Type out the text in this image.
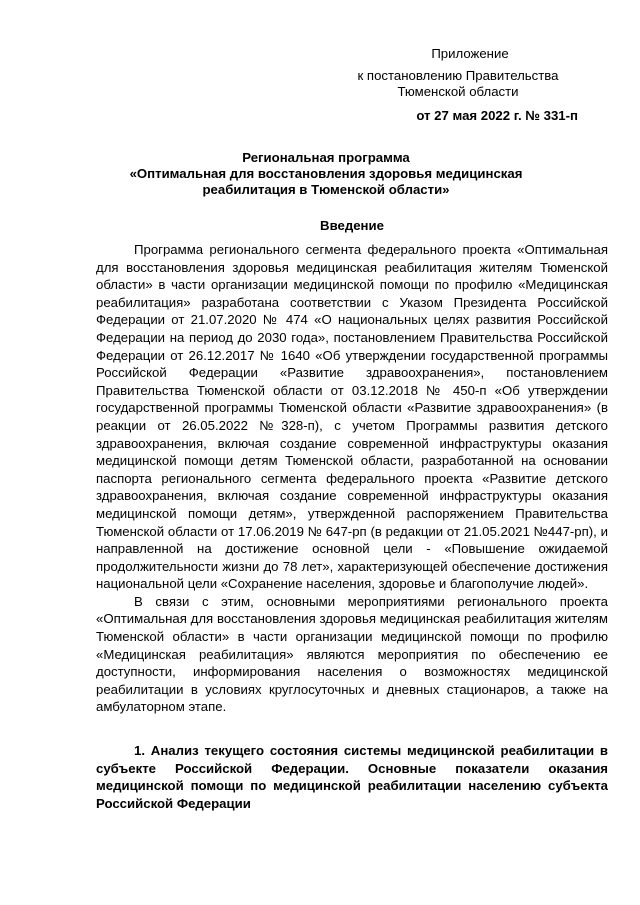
Приложение
к постановлению Правительства
Тюменской области
от 27 мая 2022 г. № 331-п
Региональная программа
«Оптимальная для восстановления здоровья медицинская
реабилитация в Тюменской области»
Введение

Программа регионального сегмента федерального проекта «Оптимальная для восстановления здоровья медицинская реабилитация жителям Тюменской области» в части организации медицинской помощи по профилю «Медицинская реабилитация» разработана соответствии с Указом Президента Российской Федерации от 21.07.2020 № 474 «О национальных целях развития Российской Федерации на период до 2030 года», постановлением Правительства Российской Федерации от 26.12.2017 № 1640 «Об утверждении государственной программы Российской Федерации «Развитие здравоохранения», постановлением Правительства Тюменской области от 03.12.2018 № 450-п «Об утверждении государственной программы Тюменской области «Развитие здравоохранения» (в реакции от 26.05.2022 №328-п), с учетом Программы развития детского здравоохранения, включая создание современной инфраструктуры оказания медицинской помощи детям Тюменской области, разработанной на основании паспорта регионального сегмента федерального проекта «Развитие детского здравоохранения, включая создание современной инфраструктуры оказания медицинской помощи детям», утвержденной распоряжением Правительства Тюменской области от 17.06.2019 № 647-рп (в редакции от 21.05.2021 №447-рп), и направленной на достижение основной цели - «Повышение ожидаемой продолжительности жизни до 78 лет», характеризующей обеспечение достижения национальной цели «Сохранение населения, здоровье и благополучие людей».

В связи с этим, основными мероприятиями регионального проекта «Оптимальная для восстановления здоровья медицинская реабилитация жителям Тюменской области» в части организации медицинской помощи по профилю «Медицинская реабилитация» являются мероприятия по обеспечению ее доступности, информирования населения о возможностях медицинской реабилитации в условиях круглосуточных и дневных стационаров, а также на амбулаторном этапе.

1. Анализ текущего состояния системы медицинской реабилитации в субъекте Российской Федерации. Основные показатели оказания медицинской помощи по медицинской реабилитации населению субъекта Российской Федерации
